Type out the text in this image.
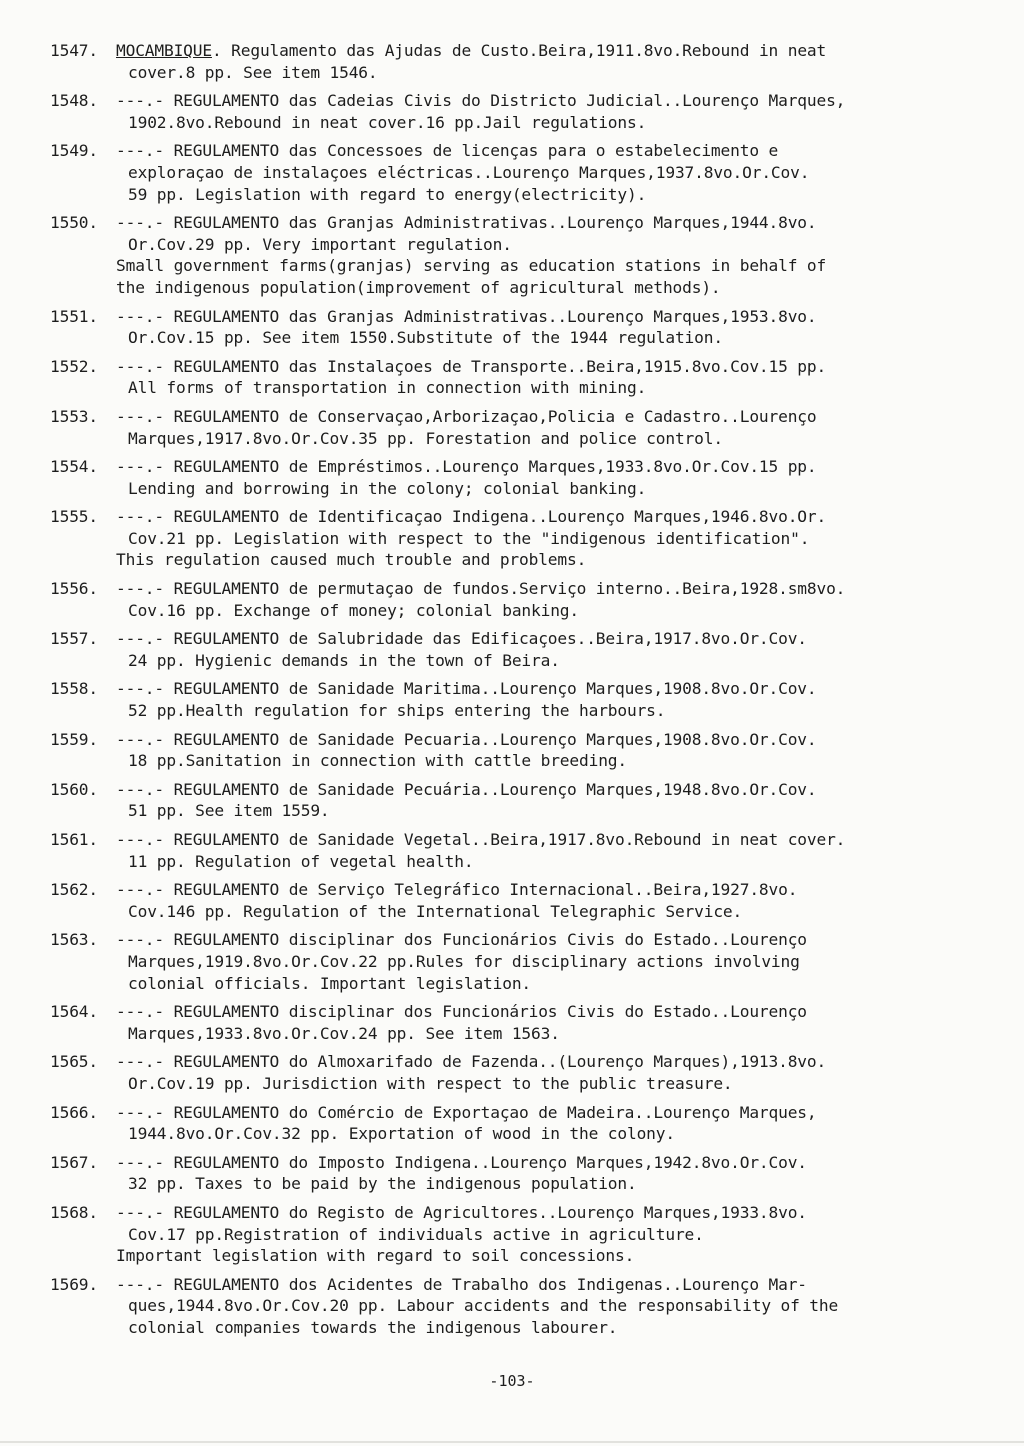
1547.	MOCAMBIQUE. Regulamento das Ajudas de Custo.Beira,1911.8vo.Rebound in neat
cover.8 pp. See item 1546.
1548.	---.- REGULAMENTO das Cadeias Civis do Districto Judicial..Lourenço Marques,
1902.8vo.Rebound in neat cover.16 pp.Jail regulations.
1549.	---.- REGULAMENTO das Concessoes de licenças para o estabelecimento e
exploraçao de instalaçoes eléctricas..Lourenço Marques,1937.8vo.Or.Cov.
59 pp. Legislation with regard to energy(electricity).
1550.	---.- REGULAMENTO das Granjas Administrativas..Lourenço Marques,1944.8vo.
Or.Cov.29 pp. Very important regulation.
Small government farms(granjas) serving as education stations in behalf of
the indigenous population(improvement of agricultural methods).
1551.	---.- REGULAMENTO das Granjas Administrativas..Lourenço Marques,1953.8vo.
Or.Cov.15 pp. See item 1550.Substitute of the 1944 regulation.
1552.	---.- REGULAMENTO das Instalaçoes de Transporte..Beira,1915.8vo.Cov.15 pp.
All forms of transportation in connection with mining.
1553.	---.- REGULAMENTO de Conservaçao,Arborizaçao,Policia e Cadastro..Lourenço
Marques,1917.8vo.Or.Cov.35 pp. Forestation and police control.
1554.	---.- REGULAMENTO de Empréstimos..Lourenço Marques,1933.8vo.Or.Cov.15 pp.
Lending and borrowing in the colony; colonial banking.
1555.	---.- REGULAMENTO de Identificaçao Indigena..Lourenço Marques,1946.8vo.Or.
Cov.21 pp. Legislation with respect to the "indigenous identification".
This regulation caused much trouble and problems.
1556.	---.- REGULAMENTO de permutaçao de fundos.Serviço interno..Beira,1928.sm8vo.
Cov.16 pp. Exchange of money; colonial banking.
1557.	---.- REGULAMENTO de Salubridade das Edificaçoes..Beira,1917.8vo.Or.Cov.
24 pp. Hygienic demands in the town of Beira.
1558.	---.- REGULAMENTO de Sanidade Maritima..Lourenço Marques,1908.8vo.Or.Cov.
52 pp.Health regulation for ships entering the harbours.
1559.	---.- REGULAMENTO de Sanidade Pecuaria..Lourenço Marques,1908.8vo.Or.Cov.
18 pp.Sanitation in connection with cattle breeding.
1560.	---.- REGULAMENTO de Sanidade Pecuária..Lourenço Marques,1948.8vo.Or.Cov.
51 pp. See item 1559.
1561.	---.- REGULAMENTO de Sanidade Vegetal..Beira,1917.8vo.Rebound in neat cover.
11 pp. Regulation of vegetal health.
1562.	---.- REGULAMENTO de Serviço Telegráfico Internacional..Beira,1927.8vo.
Cov.146 pp. Regulation of the International Telegraphic Service.
1563.	---.- REGULAMENTO disciplinar dos Funcionários Civis do Estado..Lourenço
Marques,1919.8vo.Or.Cov.22 pp.Rules for disciplinary actions involving
colonial officials. Important legislation.
1564.	---.- REGULAMENTO disciplinar dos Funcionários Civis do Estado..Lourenço
Marques,1933.8vo.Or.Cov.24 pp. See item 1563.
1565.	---.- REGULAMENTO do Almoxarifado de Fazenda..(Lourenço Marques),1913.8vo.
Or.Cov.19 pp. Jurisdiction with respect to the public treasure.
1566.	---.- REGULAMENTO do Comércio de Exportaçao de Madeira..Lourenço Marques,
1944.8vo.Or.Cov.32 pp. Exportation of wood in the colony.
1567.	---.- REGULAMENTO do Imposto Indigena..Lourenço Marques,1942.8vo.Or.Cov.
32 pp. Taxes to be paid by the indigenous population.
1568.	---.- REGULAMENTO do Registo de Agricultores..Lourenço Marques,1933.8vo.
Cov.17 pp.Registration of individuals active in agriculture.
Important legislation with regard to soil concessions.
1569.	---.- REGULAMENTO dos Acidentes de Trabalho dos Indigenas..Lourenço Mar-
ques,1944.8vo.Or.Cov.20 pp. Labour accidents and the responsability of the
colonial companies towards the indigenous labourer.
-103-
